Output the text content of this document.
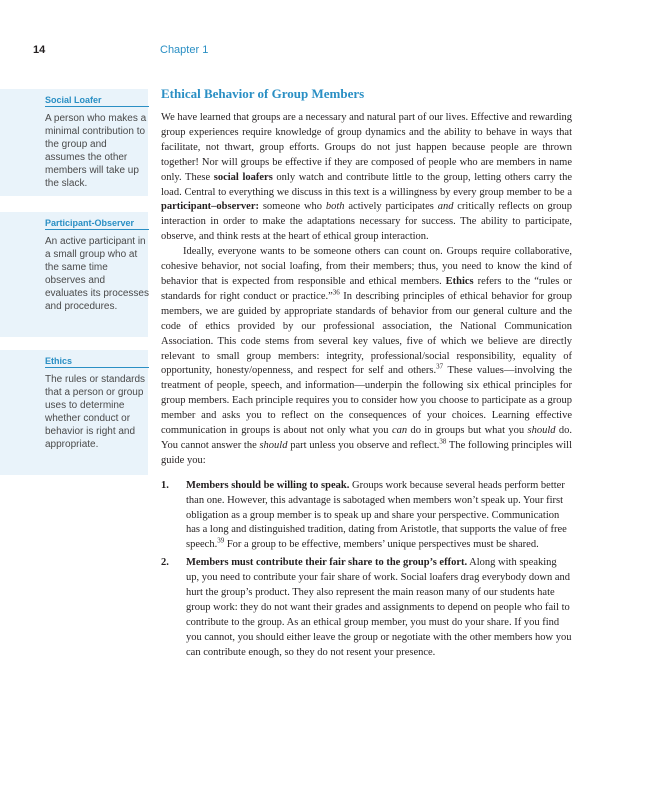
14	Chapter 1
Social Loafer
A person who makes a minimal contribution to the group and assumes the other members will take up the slack.
Participant-Observer
An active participant in a small group who at the same time observes and evaluates its processes and procedures.
Ethics
The rules or standards that a person or group uses to determine whether conduct or behavior is right and appropriate.
Ethical Behavior of Group Members

We have learned that groups are a necessary and natural part of our lives. Effective and rewarding group experiences require knowledge of group dynamics and the ability to behave in ways that facilitate, not thwart, group efforts. Groups do not just happen because people are thrown together! Nor will groups be effective if they are composed of people who are members in name only. These social loafers only watch and contribute little to the group, letting others carry the load. Central to everything we discuss in this text is a willingness by every group member to be a participant–observer: someone who both actively participates and critically reflects on group interaction in order to make the adaptations necessary for success. The ability to participate, observe, and think rests at the heart of ethical group interaction.

Ideally, everyone wants to be someone others can count on. Groups require collaborative, cohesive behavior, not social loafing, from their members; thus, you need to know the kind of behavior that is expected from responsible and ethical members. Ethics refers to the “rules or standards for right conduct or practice.”$^{36}$ In describing principles of ethical behavior for group members, we are guided by appropriate standards of behavior from our general culture and the code of ethics provided by our professional association, the National Communication Association. This code stems from several key values, five of which we believe are directly relevant to small group members: integrity, professional/social responsibility, equality of opportunity, honesty/openness, and respect for self and others.$^{37}$ These values—involving the treatment of people, speech, and information—underpin the following six ethical principles for group members. Each principle requires you to consider how you choose to participate as a group member and asks you to reflect on the consequences of your choices. Learning effective communication in groups is about not only what you can do in groups but what you should do. You cannot answer the should part unless you observe and reflect.$^{38}$ The following principles will guide you:

1. Members should be willing to speak. Groups work because several heads perform better than one. However, this advantage is sabotaged when members won’t speak up. Your first obligation as a group member is to speak up and share your perspective. Communication has a long and distinguished tradition, dating from Aristotle, that supports the value of free speech.$^{39}$ For a group to be effective, members’ unique perspectives must be shared.
2. Members must contribute their fair share to the group’s effort. Along with speaking up, you need to contribute your fair share of work. Social loafers drag everybody down and hurt the group’s product. They also represent the main reason many of our students hate group work: they do not want their grades and assignments to depend on people who fail to contribute to the group. As an ethical group member, you must do your share. If you find you cannot, you should either leave the group or negotiate with the other members how you can contribute enough, so they do not resent your presence.
